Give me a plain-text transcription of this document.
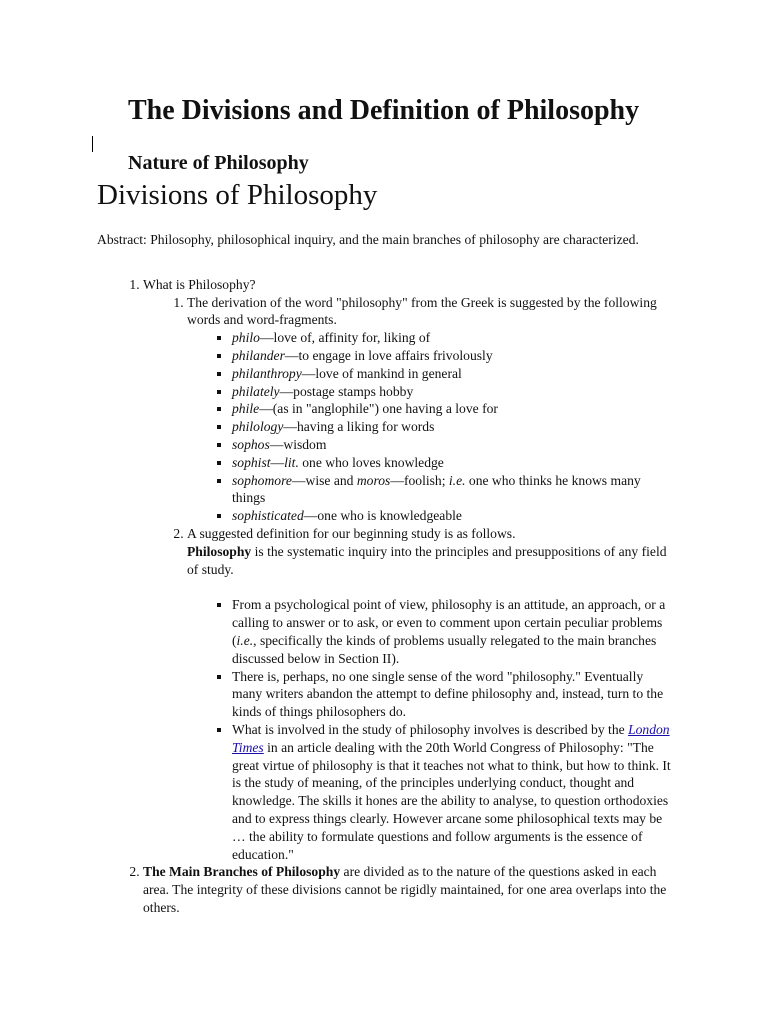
The Divisions and Definition of Philosophy
Nature of Philosophy
Divisions of Philosophy

Abstract: Philosophy, philosophical inquiry, and the main branches of philosophy are characterized.

1. What is Philosophy?
1. The derivation of the word "philosophy" from the Greek is suggested by the following words and word-fragments.
▪ philo—love of, affinity for, liking of
▪ philander—to engage in love affairs frivolously
▪ philanthropy—love of mankind in general
▪ philately—postage stamps hobby
▪ phile—(as in "anglophile") one having a love for
▪ philology—having a liking for words
▪ sophos—wisdom
▪ sophist—lit. one who loves knowledge
▪ sophomore—wise and moros—foolish; i.e. one who thinks he knows many things
▪ sophisticated—one who is knowledgeable
2. A suggested definition for our beginning study is as follows.
Philosophy is the systematic inquiry into the principles and presuppositions of any field of study.
▪ From a psychological point of view, philosophy is an attitude, an approach, or a calling to answer or to ask, or even to comment upon certain peculiar problems (i.e., specifically the kinds of problems usually relegated to the main branches discussed below in Section II).
▪ There is, perhaps, no one single sense of the word "philosophy." Eventually many writers abandon the attempt to define philosophy and, instead, turn to the kinds of things philosophers do.
▪ What is involved in the study of philosophy involves is described by the London Times in an article dealing with the 20th World Congress of Philosophy: "The great virtue of philosophy is that it teaches not what to think, but how to think. It is the study of meaning, of the principles underlying conduct, thought and knowledge. The skills it hones are the ability to analyse, to question orthodoxies and to express things clearly. However arcane some philosophical texts may be … the ability to formulate questions and follow arguments is the essence of education."
2. The Main Branches of Philosophy are divided as to the nature of the questions asked in each area. The integrity of these divisions cannot be rigidly maintained, for one area overlaps into the others.
